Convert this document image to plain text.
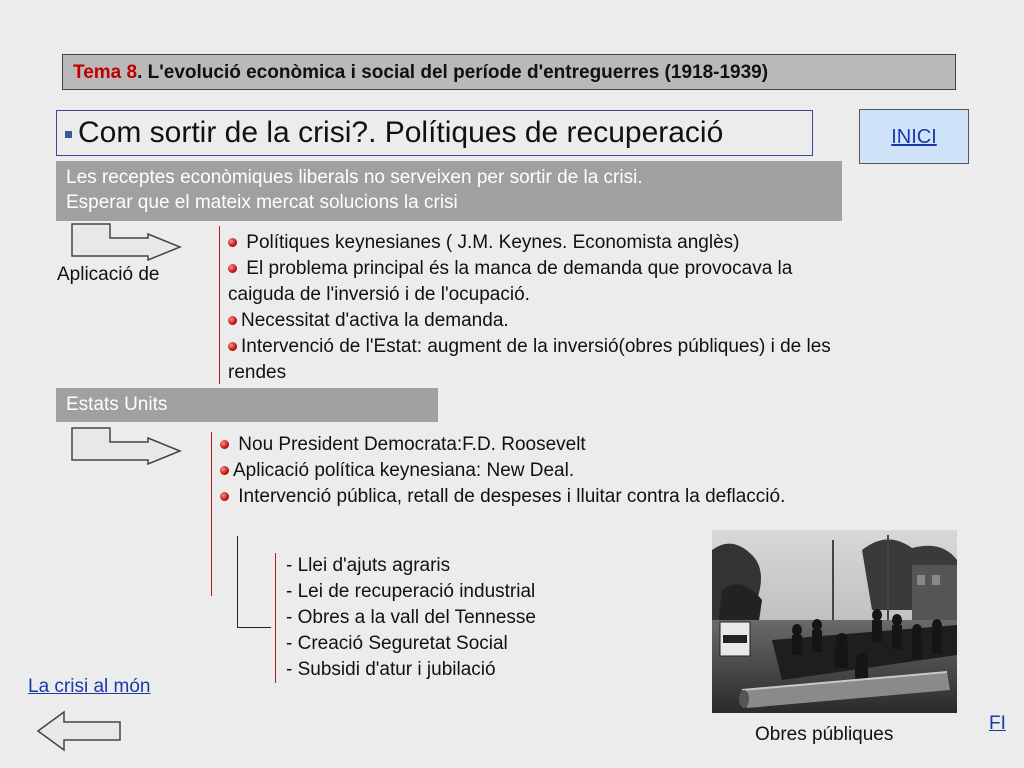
Tema 8. L'evolució econòmica i social del període d'entreguerres (1918-1939)
Com sortir de la crisi?. Polítiques de recuperació	INICI
Les receptes econòmiques liberals no serveixen per sortir de la crisi.
Esperar que el mateix mercat solucions la crisi
Aplicació de
Polítiques keynesianes ( J.M. Keynes. Economista anglès)
El problema principal és la manca de demanda que provocava la
caiguda de l'inversió i de l'ocupació.
Necessitat d'activa la demanda.
Intervenció de l'Estat: augment de la inversió(obres públiques) i de les
rendes
Estats Units
Nou President Democrata:F.D. Roosevelt
Aplicació política keynesiana: New Deal.
Intervenció pública, retall de despeses i lluitar contra la deflacció.
- Llei d'ajuts agraris
- Lei de recuperació industrial
- Obres a la vall del Tennesse
- Creació Seguretat Social
- Subsidi d'atur i jubilació
Obres públiques
La crisi al món
FI
